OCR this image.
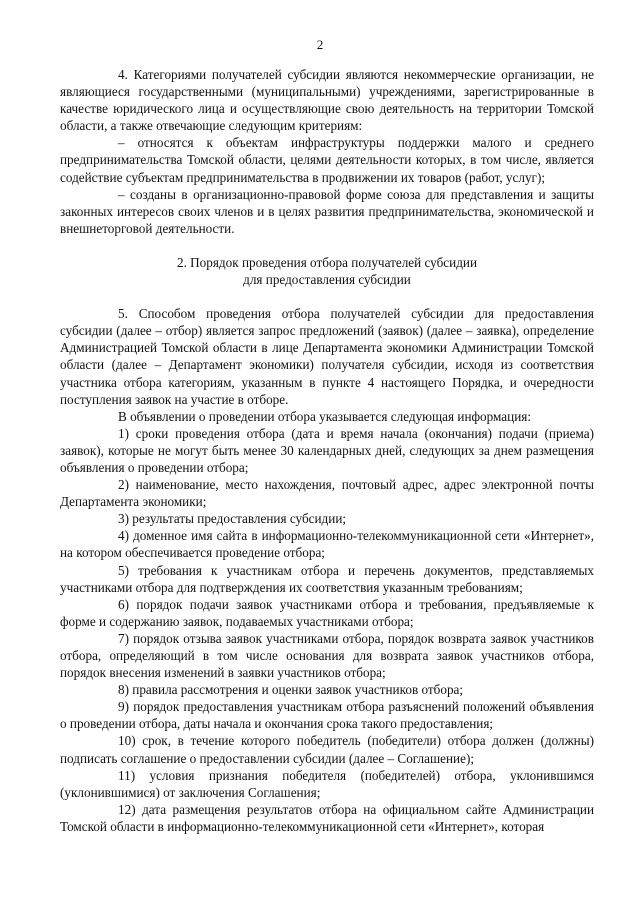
2

4. Категориями получателей субсидии являются некоммерческие организации, не являющиеся государственными (муниципальными) учреждениями, зарегистрированные в качестве юридического лица и осуществляющие свою деятельность на территории Томской области, а также отвечающие следующим критериям:

– относятся к объектам инфраструктуры поддержки малого и среднего предпринимательства Томской области, целями деятельности которых, в том числе, является содействие субъектам предпринимательства в продвижении их товаров (работ, услуг);

– созданы в организационно-правовой форме союза для представления и защиты законных интересов своих членов и в целях развития предпринимательства, экономической и внешнеторговой деятельности.

2. Порядок проведения отбора получателей субсидии
для предоставления субсидии

5. Способом проведения отбора получателей субсидии для предоставления субсидии (далее – отбор) является запрос предложений (заявок) (далее – заявка), определение Администрацией Томской области в лице Департамента экономики Администрации Томской области (далее – Департамент экономики) получателя субсидии, исходя из соответствия участника отбора категориям, указанным в пункте 4 настоящего Порядка, и очередности поступления заявок на участие в отборе.

В объявлении о проведении отбора указывается следующая информация:

1) сроки проведения отбора (дата и время начала (окончания) подачи (приема) заявок), которые не могут быть менее 30 календарных дней, следующих за днем размещения объявления о проведении отбора;

2) наименование, место нахождения, почтовый адрес, адрес электронной почты Департамента экономики;

3) результаты предоставления субсидии;

4) доменное имя сайта в информационно-телекоммуникационной сети «Интернет», на котором обеспечивается проведение отбора;

5) требования к участникам отбора и перечень документов, представляемых участниками отбора для подтверждения их соответствия указанным требованиям;

6) порядок подачи заявок участниками отбора и требования, предъявляемые к форме и содержанию заявок, подаваемых участниками отбора;

7) порядок отзыва заявок участниками отбора, порядок возврата заявок участников отбора, определяющий в том числе основания для возврата заявок участников отбора, порядок внесения изменений в заявки участников отбора;

8) правила рассмотрения и оценки заявок участников отбора;

9) порядок предоставления участникам отбора разъяснений положений объявления о проведении отбора, даты начала и окончания срока такого предоставления;

10) срок, в течение которого победитель (победители) отбора должен (должны) подписать соглашение о предоставлении субсидии (далее – Соглашение);

11) условия признания победителя (победителей) отбора, уклонившимся (уклонившимися) от заключения Соглашения;

12) дата размещения результатов отбора на официальном сайте Администрации Томской области в информационно-телекоммуникационной сети «Интернет», которая
